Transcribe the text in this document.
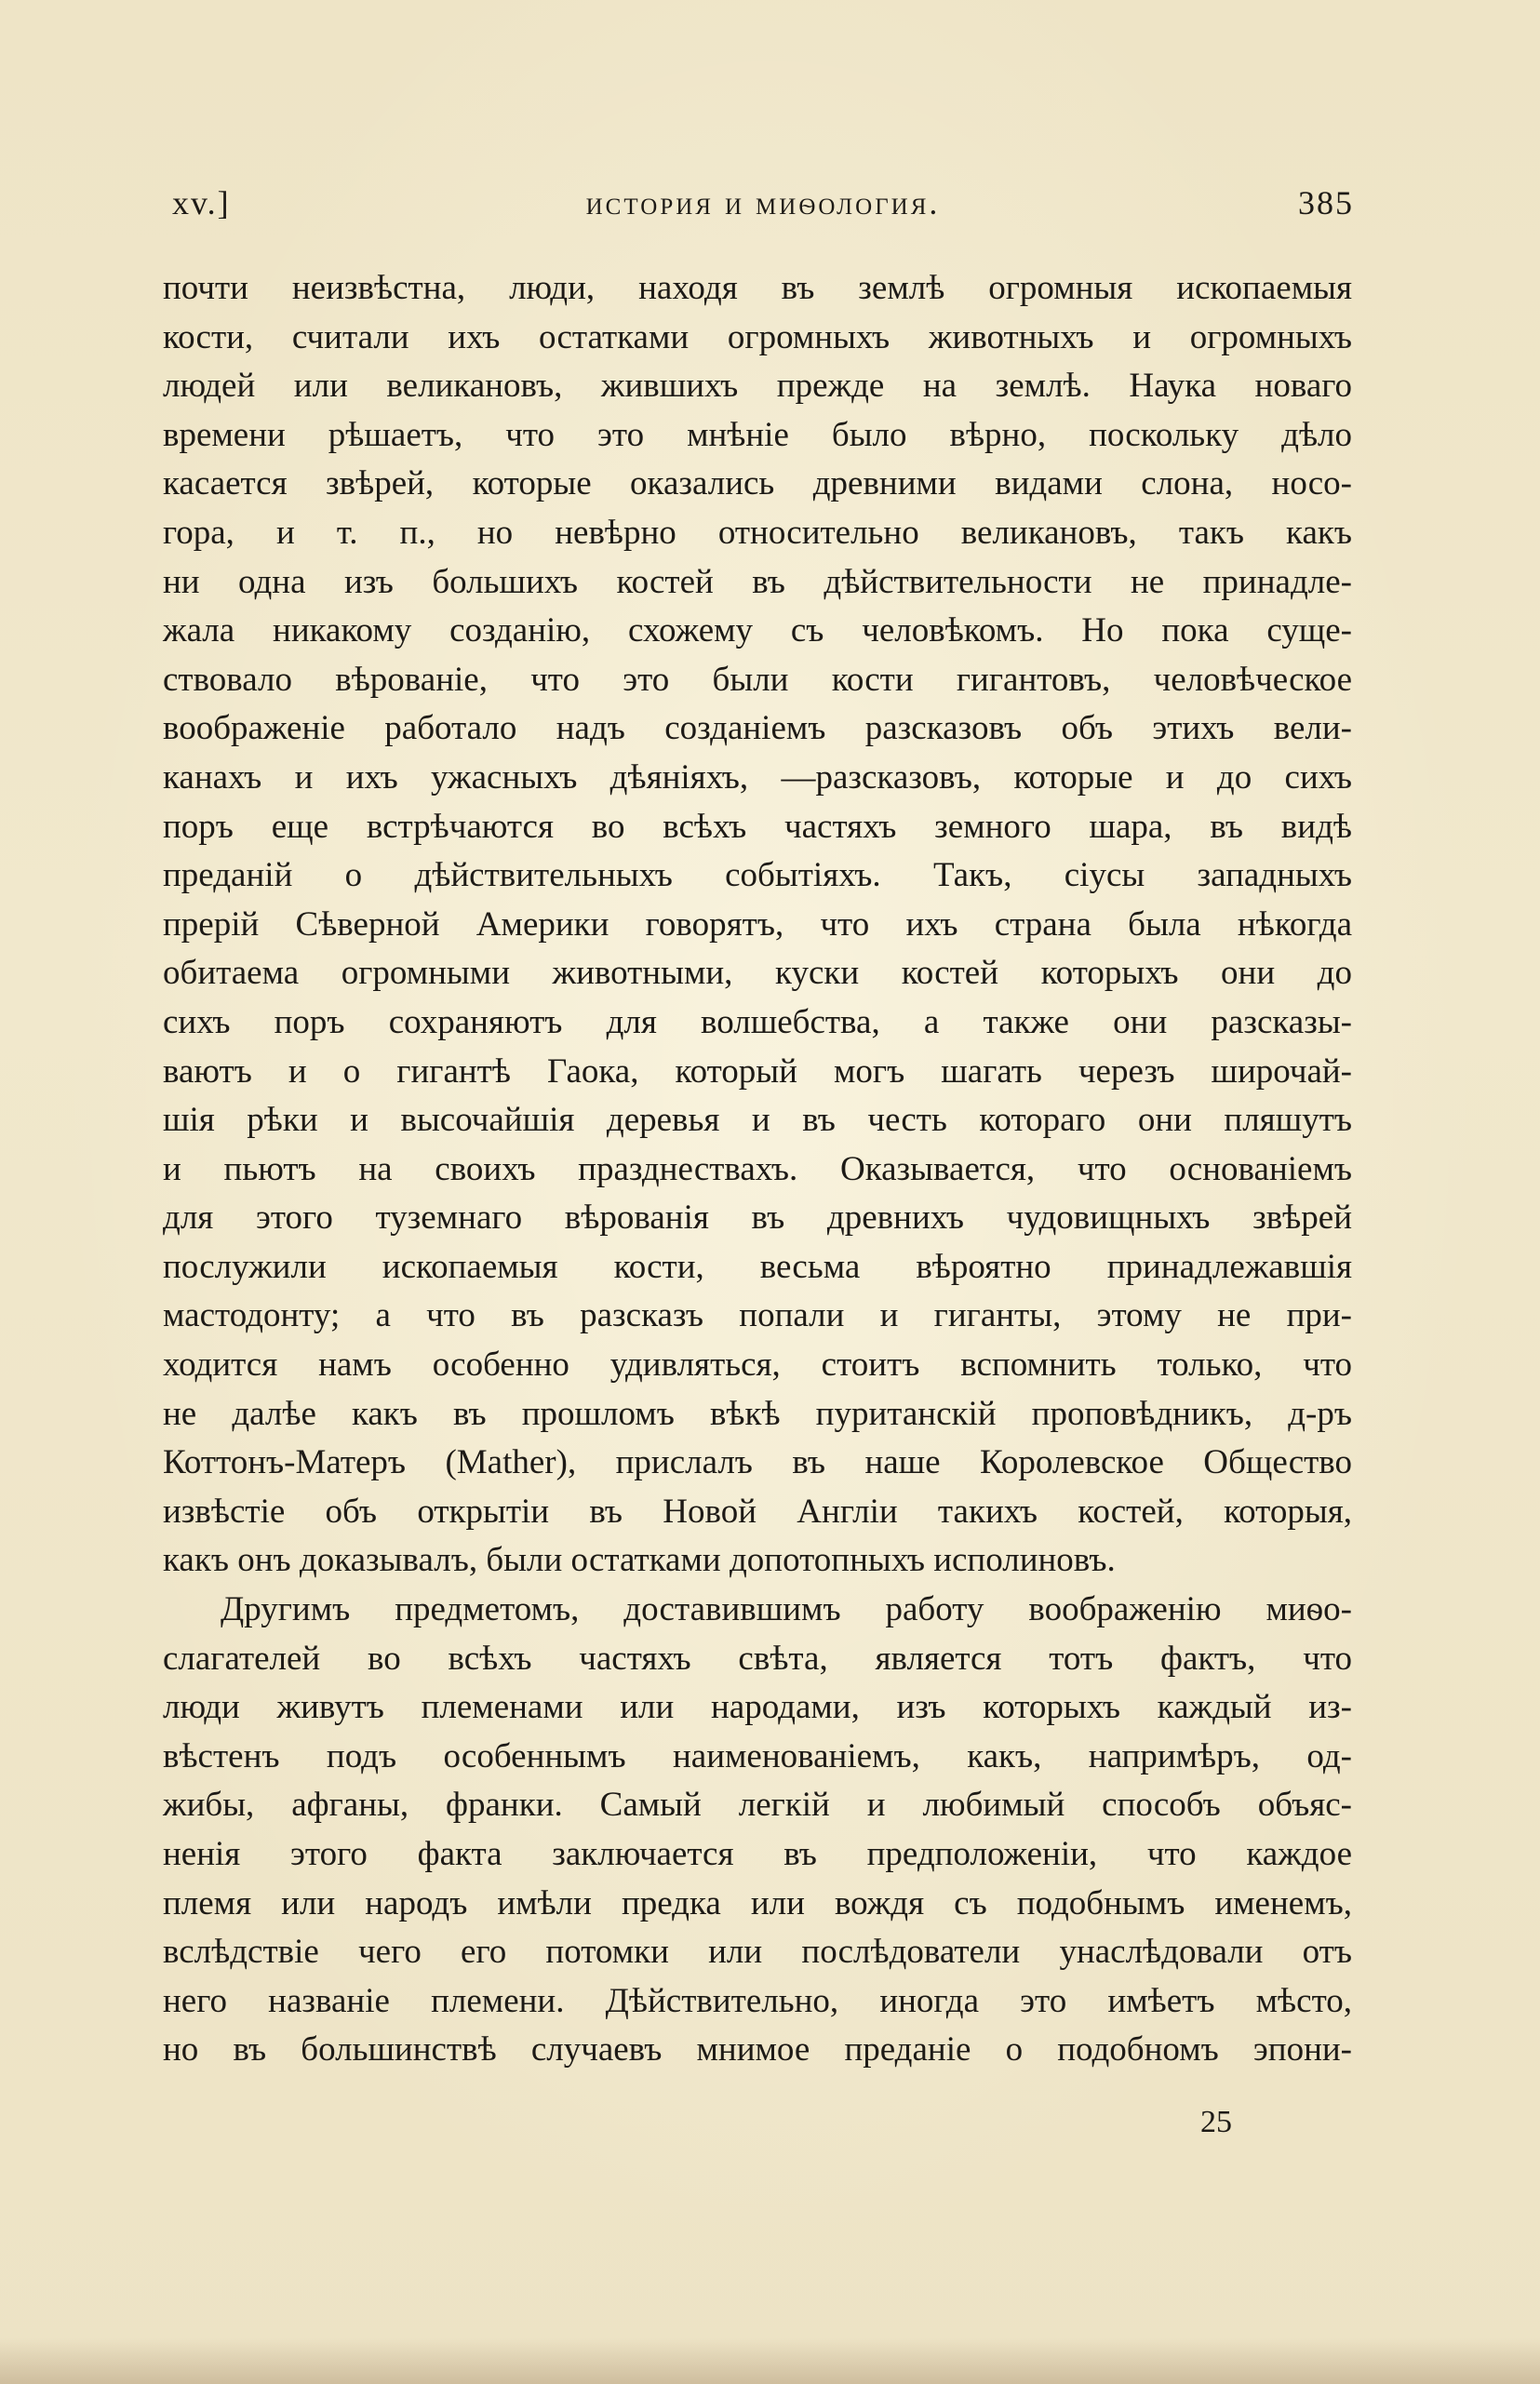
xv.]	история и миѳология.	385
почти неизвѣстна, люди, находя въ землѣ огромныя ископаемыя
кости, считали ихъ остатками огромныхъ животныхъ и огромныхъ
людей или великановъ, жившихъ прежде на землѣ. Наука новаго
времени рѣшаетъ, что это мнѣніе было вѣрно, поскольку дѣло
касается звѣрей, которые оказались древними видами слона, носо-
гора, и т. п., но невѣрно относительно великановъ, такъ какъ
ни одна изъ большихъ костей въ дѣйствительности не принадле-
жала никакому созданію, схожему съ человѣкомъ. Но пока суще-
ствовало вѣрованіе, что это были кости гигантовъ, человѣческое
воображеніе работало надъ созданіемъ разсказовъ объ этихъ вели-
канахъ и ихъ ужасныхъ дѣяніяхъ, —разсказовъ, которые и до сихъ
поръ еще встрѣчаются во всѣхъ частяхъ земного шара, въ видѣ
преданій о дѣйствительныхъ событіяхъ. Такъ, сіусы западныхъ
прерій Сѣверной Америки говорятъ, что ихъ страна была нѣкогда
обитаема огромными животными, куски костей которыхъ они до
сихъ поръ сохраняютъ для волшебства, а также они разсказы-
ваютъ и о гигантѣ Гаока, который могъ шагать черезъ широчай-
шія рѣки и высочайшія деревья и въ честь котораго они пляшутъ
и пьютъ на своихъ празднествахъ. Оказывается, что основаніемъ
для этого туземнаго вѣрованія въ древнихъ чудовищныхъ звѣрей
послужили ископаемыя кости, весьма вѣроятно принадлежавшія
мастодонту; а что въ разсказъ попали и гиганты, этому не при-
ходится намъ особенно удивляться, стоитъ вспомнить только, что
не далѣе какъ въ прошломъ вѣкѣ пуританскій проповѣдникъ, д-ръ
Коттонъ-Матеръ (Mather), прислалъ въ наше Королевское Общество
извѣстіе объ открытіи въ Новой Англіи такихъ костей, которыя,
какъ онъ доказывалъ, были остатками допотопныхъ исполиновъ.
Другимъ предметомъ, доставившимъ работу воображенію миѳо-
слагателей во всѣхъ частяхъ свѣта, является тотъ фактъ, что
люди живутъ племенами или народами, изъ которыхъ каждый из-
вѣстенъ подъ особеннымъ наименованіемъ, какъ, напримѣръ, од-
жибы, афганы, франки. Самый легкій и любимый способъ объяс-
ненія этого факта заключается въ предположеніи, что каждое
племя или народъ имѣли предка или вождя съ подобнымъ именемъ,
вслѣдствіе чего его потомки или послѣдователи унаслѣдовали отъ
него названіе племени. Дѣйствительно, иногда это имѣетъ мѣсто,
но въ большинствѣ случаевъ мнимое преданіе о подобномъ эпони-
25
